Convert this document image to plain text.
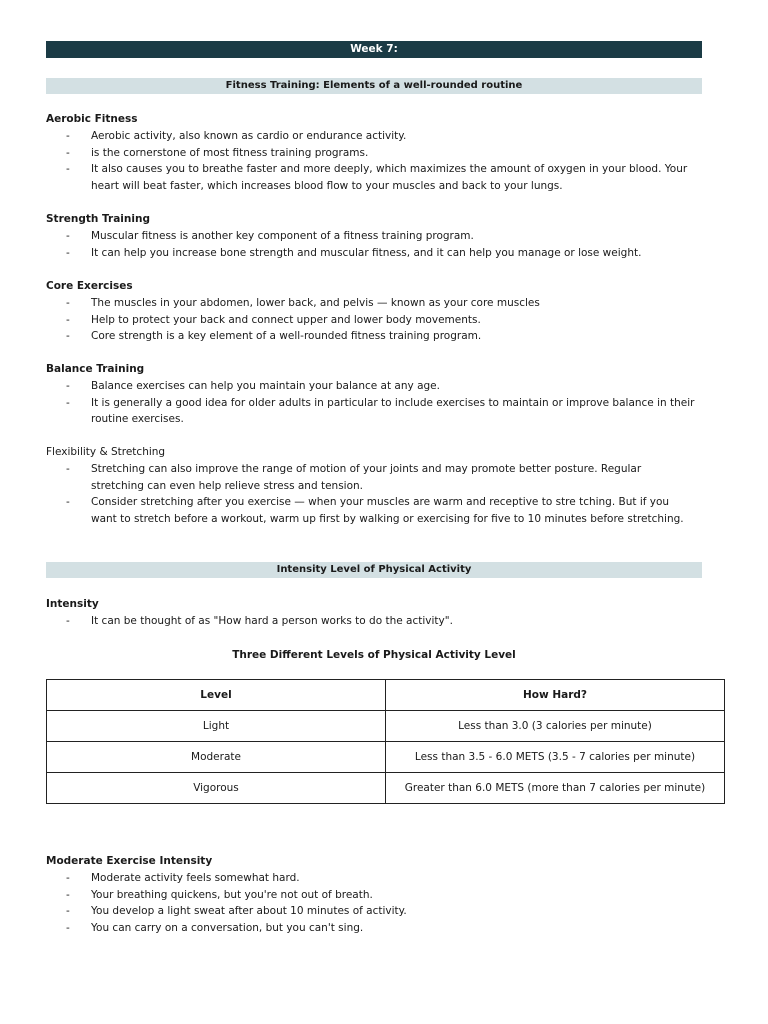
Week 7:
Fitness Training: Elements of a well-rounded routine
Aerobic Fitness
- Aerobic activity, also known as cardio or endurance activity.
- is the cornerstone of most fitness training programs.
- It also causes you to breathe faster and more deeply, which maximizes the amount of oxygen in your blood. Your heart will beat faster, which increases blood flow to your muscles and back to your lungs.
Strength Training
- Muscular fitness is another key component of a fitness training program.
- It can help you increase bone strength and muscular fitness, and it can help you manage or lose weight.
Core Exercises
- The muscles in your abdomen, lower back, and pelvis — known as your core muscles
- Help to protect your back and connect upper and lower body movements.
- Core strength is a key element of a well-rounded fitness training program.
Balance Training
- Balance exercises can help you maintain your balance at any age.
- It is generally a good idea for older adults in particular to include exercises to maintain or improve balance in their routine exercises.
Flexibility & Stretching
- Stretching can also improve the range of motion of your joints and may promote better posture. Regular stretching can even help relieve stress and tension.
- Consider stretching after you exercise — when your muscles are warm and receptive to stre tching. But if you want to stretch before a workout, warm up first by walking or exercising for five to 10 minutes before stretching.
Intensity Level of Physical Activity
Intensity
- It can be thought of as "How hard a person works to do the activity".
Three Different Levels of Physical Activity Level
Level	How Hard?
Light	Less than 3.0 (3 calories per minute)
Moderate	Less than 3.5 - 6.0 METS (3.5 - 7 calories per minute)
Vigorous	Greater than 6.0 METS (more than 7 calories per minute)
Moderate Exercise Intensity
- Moderate activity feels somewhat hard.
- Your breathing quickens, but you're not out of breath.
- You develop a light sweat after about 10 minutes of activity.
- You can carry on a conversation, but you can't sing.
